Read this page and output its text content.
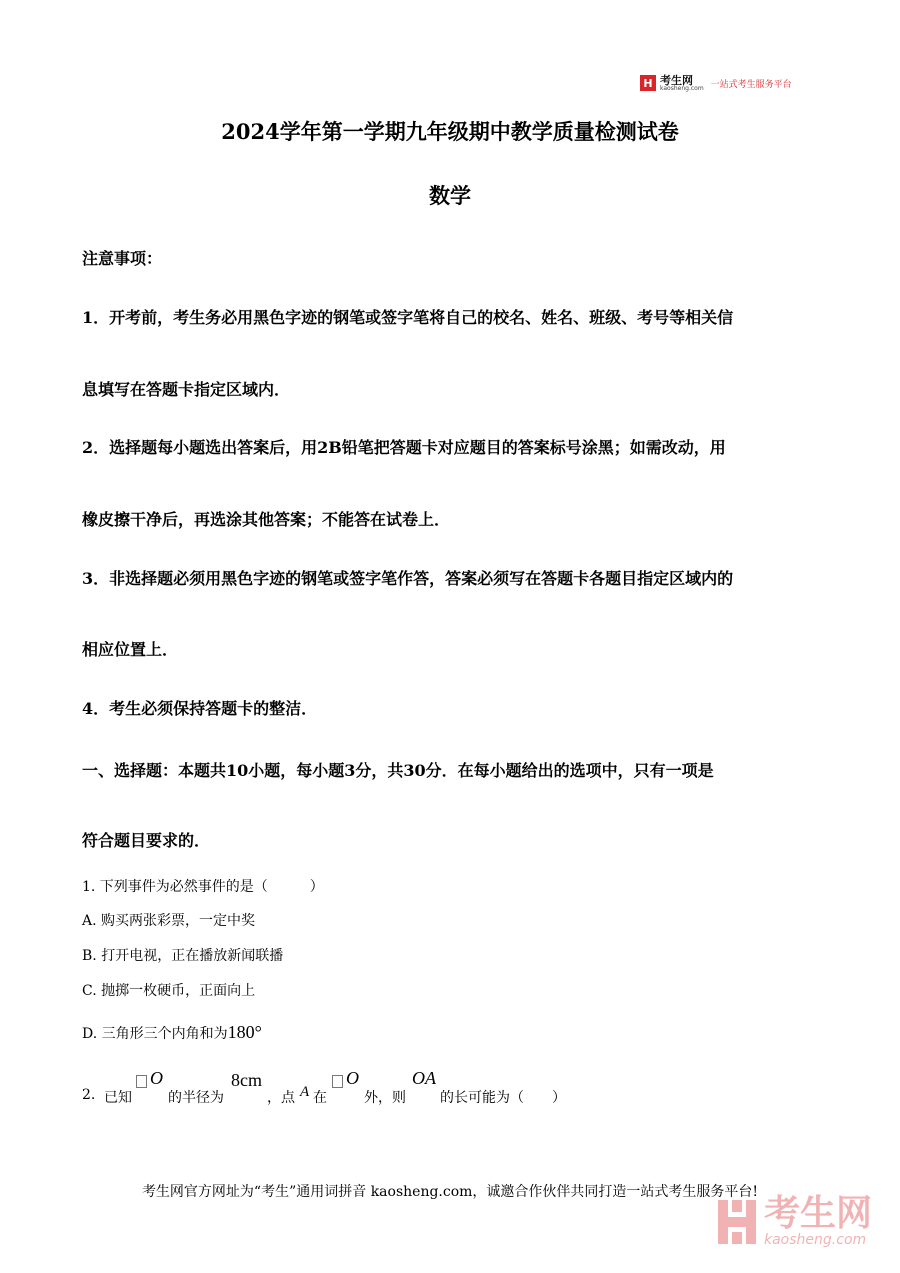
H 考生网
kaosheng.com 一站式考生服务平台
2024学年第一学期九年级期中教学质量检测试卷
数学
注意事项：
1．开考前，考生务必用黑色字迹的钢笔或签字笔将自己的校名、姓名、班级、考号等相关信
息填写在答题卡指定区域内．
2．选择题每小题选出答案后，用2B铅笔把答题卡对应题目的答案标号涂黑；如需改动，用
橡皮擦干净后，再选涂其他答案；不能答在试卷上．
3．非选择题必须用黑色字迹的钢笔或签字笔作答，答案必须写在答题卡各题目指定区域内的
相应位置上．
4．考生必须保持答题卡的整洁．
一、选择题：本题共10小题，每小题3分，共30分．在每小题给出的选项中，只有一项是
符合题目要求的．
1. 下列事件为必然事件的是（　　　）
A. 购买两张彩票，一定中奖
B. 打开电视，正在播放新闻联播
C. 抛掷一枚硬币，正面向上
D. 三角形三个内角和为180°
2. 已知
O
的半径为
8cm
，点 A 在
O
外，则
OA
的长可能为（　　）
考生网官方网址为“考生”通用词拼音 kaosheng.com，诚邀合作伙伴共同打造一站式考生服务平台!
考生网
kaosheng.com
